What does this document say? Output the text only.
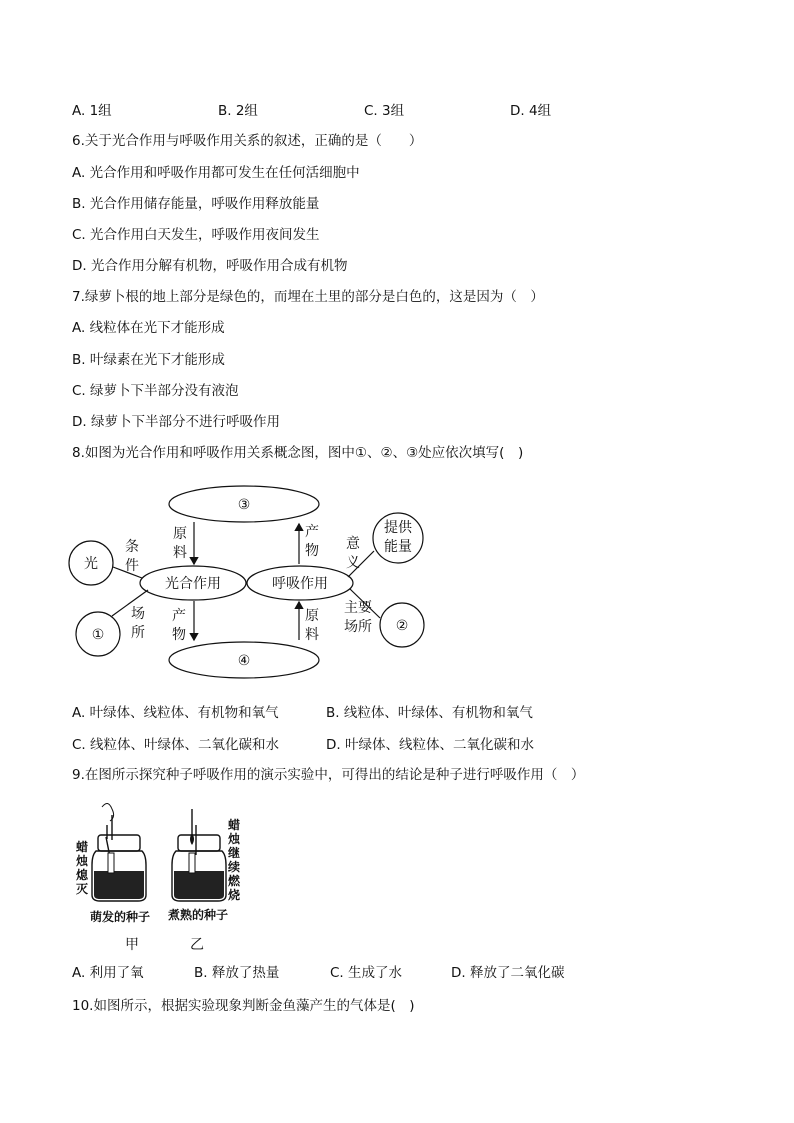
A. 1组	B. 2组	C. 3组	D. 4组
6.关于光合作用与呼吸作用关系的叙述，正确的是（　　）
A. 光合作用和呼吸作用都可发生在任何活细胞中
B. 光合作用储存能量，呼吸作用释放能量
C. 光合作用白天发生，呼吸作用夜间发生
D. 光合作用分解有机物，呼吸作用合成有机物
7.绿萝卜根的地上部分是绿色的，而埋在土里的部分是白色的，这是因为（　）
A. 线粒体在光下才能形成
B. 叶绿素在光下才能形成
C. 绿萝卜下半部分没有液泡
D. 绿萝卜下半部分不进行呼吸作用
8.如图为光合作用和呼吸作用关系概念图，图中①、②、③处应依次填写(　)
③
④
光合作用	呼吸作用
光
①
②
提供
能量
条
件
场
所
原
料
产
物
产
物
原
料
意
义
主要
场所
A. 叶绿体、线粒体、有机物和氧气	B. 线粒体、叶绿体、有机物和氧气
C. 线粒体、叶绿体、二氧化碳和水	D. 叶绿体、线粒体、二氧化碳和水
9.在图所示探究种子呼吸作用的演示实验中，可得出的结论是种子进行呼吸作用（　）
蜡
烛
熄
灭
蜡
烛
继
续
燃
烧
萌发的种子 煮熟的种子
甲	乙
A. 利用了氧	B. 释放了热量	C. 生成了水	D. 释放了二氧化碳
10.如图所示，根据实验现象判断金鱼藻产生的气体是(　)
